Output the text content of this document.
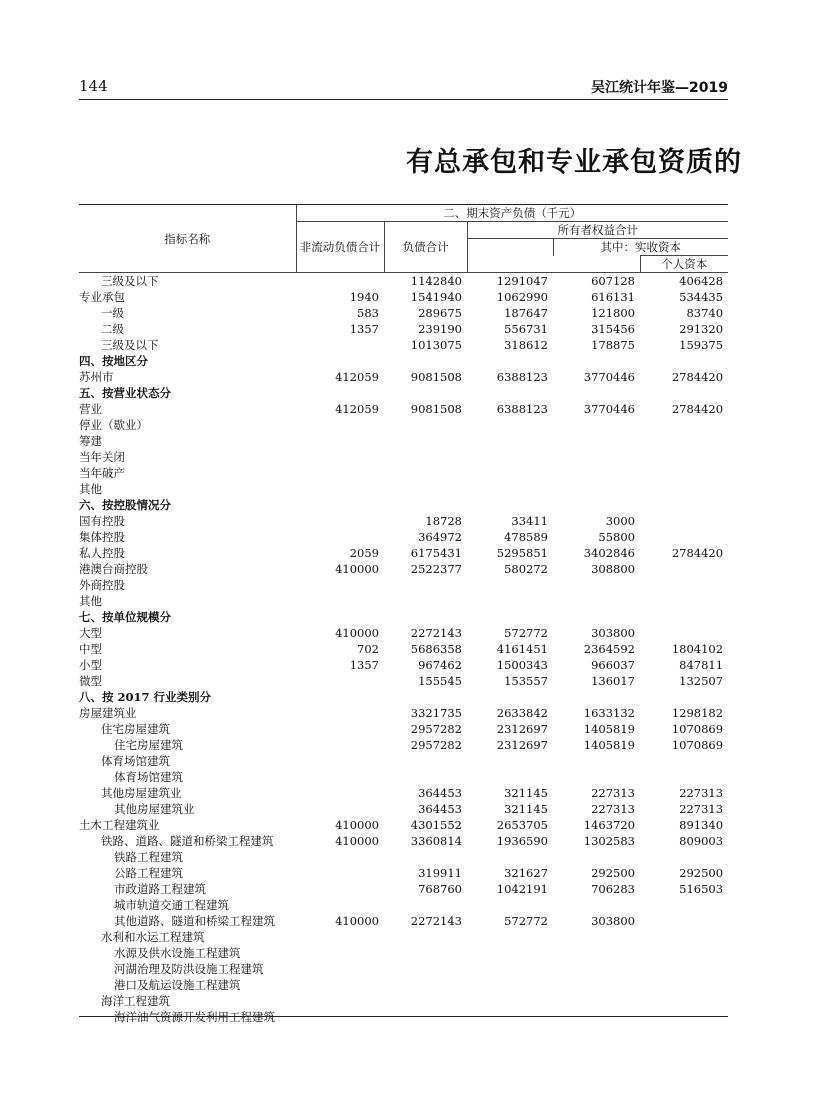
144	吴江统计年鉴—2019
有总承包和专业承包资质的
指标名称	二、期末资产负债（千元）				
	非流动负债合计	负债合计	所有者权益合计		
				其中：实收资本	
					个人资本
三级及以下		1142840	1291047	607128	406428
专业承包	1940	1541940	1062990	616131	534435
一级	583	289675	187647	121800	83740
二级	1357	239190	556731	315456	291320
三级及以下		1013075	318612	178875	159375
四、按地区分					
苏州市	412059	9081508	6388123	3770446	2784420
五、按营业状态分					
营业	412059	9081508	6388123	3770446	2784420
停业（歇业）					
筹建					
当年关闭					
当年破产					
其他					
六、按控股情况分					
国有控股		18728	33411	3000	
集体控股		364972	478589	55800	
私人控股	2059	6175431	5295851	3402846	2784420
港澳台商控股	410000	2522377	580272	308800	
外商控股					
其他					
七、按单位规模分					
大型	410000	2272143	572772	303800	
中型	702	5686358	4161451	2364592	1804102
小型	1357	967462	1500343	966037	847811
微型		155545	153557	136017	132507
八、按 2017 行业类别分					
房屋建筑业		3321735	2633842	1633132	1298182
住宅房屋建筑		2957282	2312697	1405819	1070869
住宅房屋建筑		2957282	2312697	1405819	1070869
体育场馆建筑					
体育场馆建筑					
其他房屋建筑业		364453	321145	227313	227313
其他房屋建筑业		364453	321145	227313	227313
土木工程建筑业	410000	4301552	2653705	1463720	891340
铁路、道路、隧道和桥梁工程建筑	410000	3360814	1936590	1302583	809003
铁路工程建筑					
公路工程建筑		319911	321627	292500	292500
市政道路工程建筑		768760	1042191	706283	516503
城市轨道交通工程建筑					
其他道路、隧道和桥梁工程建筑	410000	2272143	572772	303800	
水利和水运工程建筑					
水源及供水设施工程建筑					
河湖治理及防洪设施工程建筑					
港口及航运设施工程建筑					
海洋工程建筑					
海洋油气资源开发利用工程建筑					
